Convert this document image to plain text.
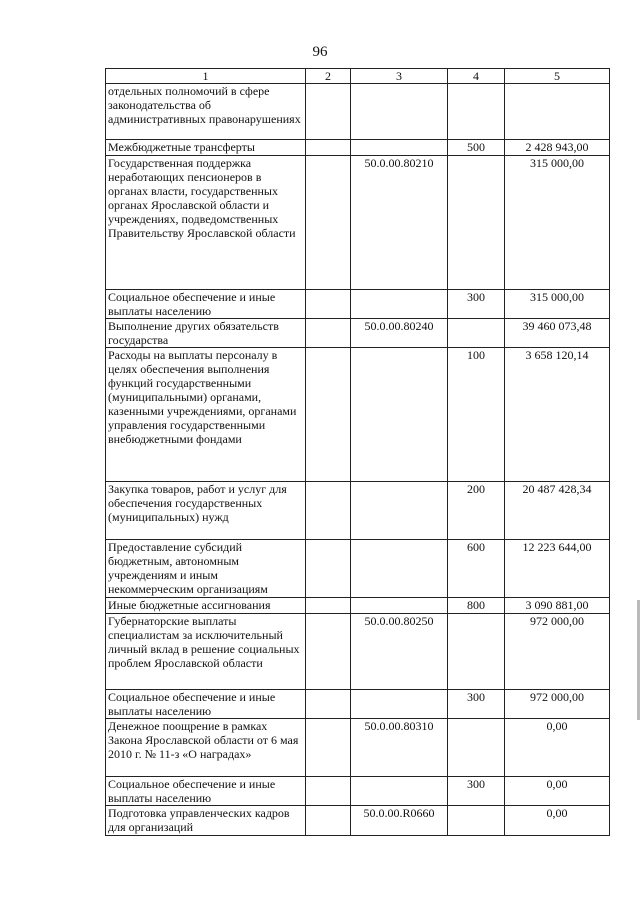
96
1	2	3	4	5
отдельных полномочий в сфере законодательства об административных правонарушениях				
Межбюджетные трансферты			500	2 428 943,00
Государственная поддержка неработающих пенсионеров в органах власти, государственных органах Ярославской области и учреждениях, подведомственных Правительству Ярославской области		50.0.00.80210		315 000,00
Социальное обеспечение и иные выплаты населению			300	315 000,00
Выполнение других обязательств государства		50.0.00.80240		39 460 073,48
Расходы на выплаты персоналу в целях обеспечения выполнения функций государственными (муниципальными) органами, казенными учреждениями, органами управления государственными внебюджетными фондами			100	3 658 120,14
Закупка товаров, работ и услуг для обеспечения государственных (муниципальных) нужд			200	20 487 428,34
Предоставление субсидий бюджетным, автономным учреждениям и иным некоммерческим организациям			600	12 223 644,00
Иные бюджетные ассигнования			800	3 090 881,00
Губернаторские выплаты специалистам за исключительный личный вклад в решение социальных проблем Ярославской области		50.0.00.80250		972 000,00
Социальное обеспечение и иные выплаты населению			300	972 000,00
Денежное поощрение в рамках Закона Ярославской области от 6 мая 2010 г. № 11-з «О наградах»		50.0.00.80310		0,00
Социальное обеспечение и иные выплаты населению			300	0,00
Подготовка управленческих кадров для организаций		50.0.00.R0660		0,00
